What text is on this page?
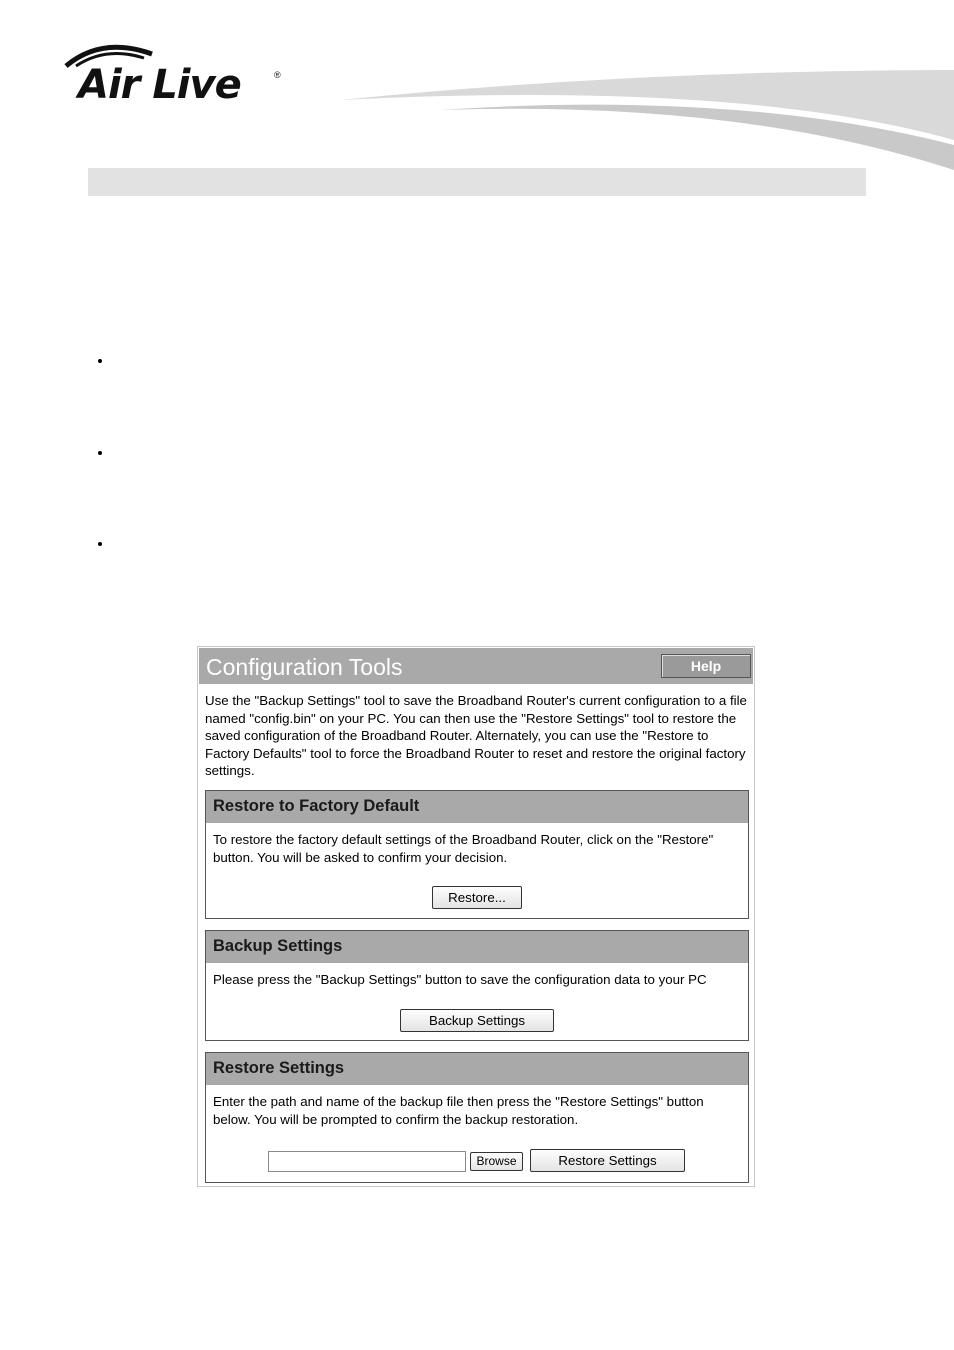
Air Live	®
Configuration Tools	Help
Use the "Backup Settings" tool to save the Broadband Router's current configuration to a file named "config.bin" on your PC. You can then use the "Restore Settings" tool to restore the saved configuration of the Broadband Router. Alternately, you can use the "Restore to Factory Defaults" tool to force the Broadband Router to reset and restore the original factory settings.
Restore to Factory Default
To restore the factory default settings of the Broadband Router, click on the "Restore" button. You will be asked to confirm your decision.
Restore...
Backup Settings
Please press the "Backup Settings" button to save the configuration data to your PC
Backup Settings
Restore Settings
Enter the path and name of the backup file then press the "Restore Settings" button below. You will be prompted to confirm the backup restoration.
Browse	Restore Settings
